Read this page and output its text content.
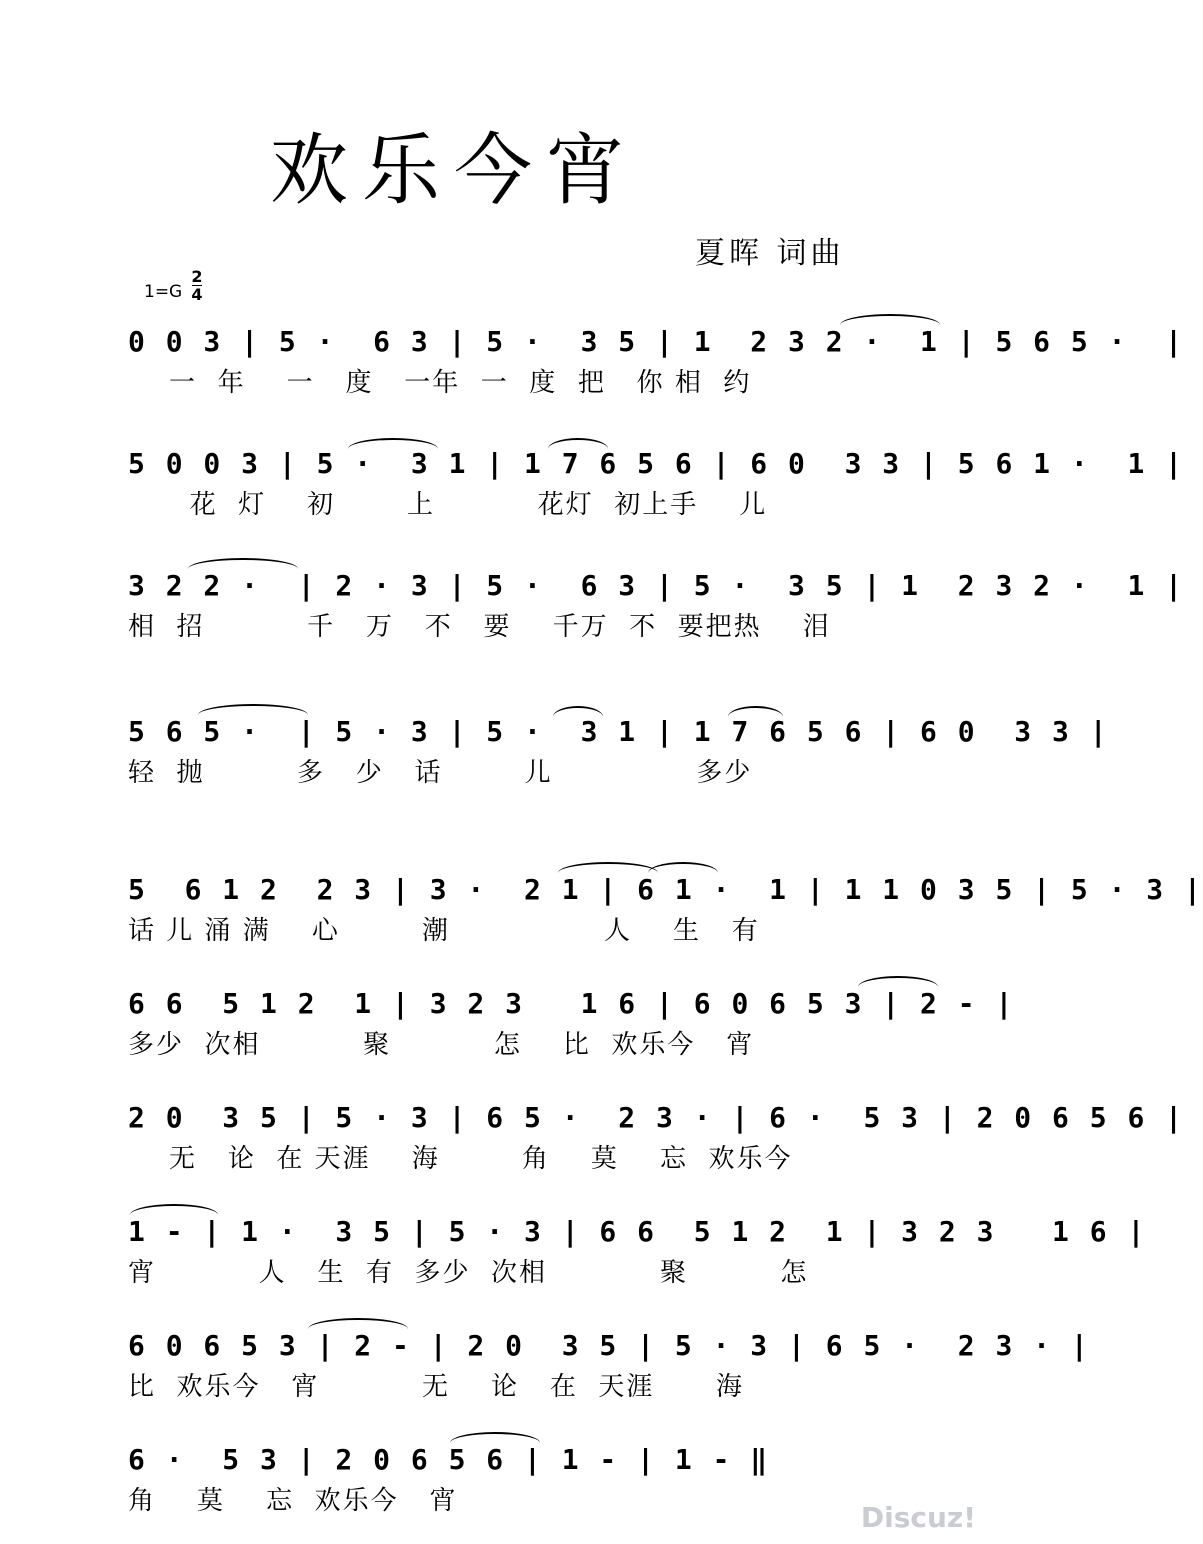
欢乐今宵
夏晖 词曲
1=G
2
4
0 0 3 | 5 ·  6 3 | 5 ·  3 5 | 1  2 3 2 ·  1 | 5 6 5 ·  |
一  年    一   度   一年  一  度  把   你 相  约
5 0 0 3 | 5 ·  3 1 | 1 7 6 5 6 | 6 0  3 3 | 5 6 1 ·  1 |
花  灯    初       上          花灯  初上手    儿
3 2 2 ·  | 2 · 3 | 5 ·  6 3 | 5 ·  3 5 | 1  2 3 2 ·  1 |
相  招          千   万   不   要    千万  不  要把热    泪
5 6 5 ·  | 5 · 3 | 5 ·  3 1 | 1 7 6 5 6 | 6 0  3 3 |
轻  抛         多   少   话        儿              多少
5  6 1 2  2 3 | 3 ·  2 1 | 6 1 ·  1 | 1 1 0 3 5 | 5 · 3 |
话 儿 涌 满    心        潮               人    生   有
6 6  5 1 2  1 | 3 2 3   1 6 | 6 0 6 5 3 | 2 - |
多少  次相          聚          怎    比  欢乐今   宵
2 0  3 5 | 5 · 3 | 6 5 ·  2 3 · | 6 ·  5 3 | 2 0 6 5 6 |
无   论  在 天涯    海        角    莫    忘  欢乐今
1 - | 1 ·  3 5 | 5 · 3 | 6 6  5 1 2  1 | 3 2 3   1 6 |
宵          人   生  有  多少  次相           聚         怎
6 0 6 5 3 | 2 - | 2 0  3 5 | 5 · 3 | 6 5 ·  2 3 · |
比  欢乐今   宵          无    论   在  天涯      海
6 ·  5 3 | 2 0 6 5 6 | 1 - | 1 - ‖
角    莫    忘  欢乐今   宵	Discuz!
